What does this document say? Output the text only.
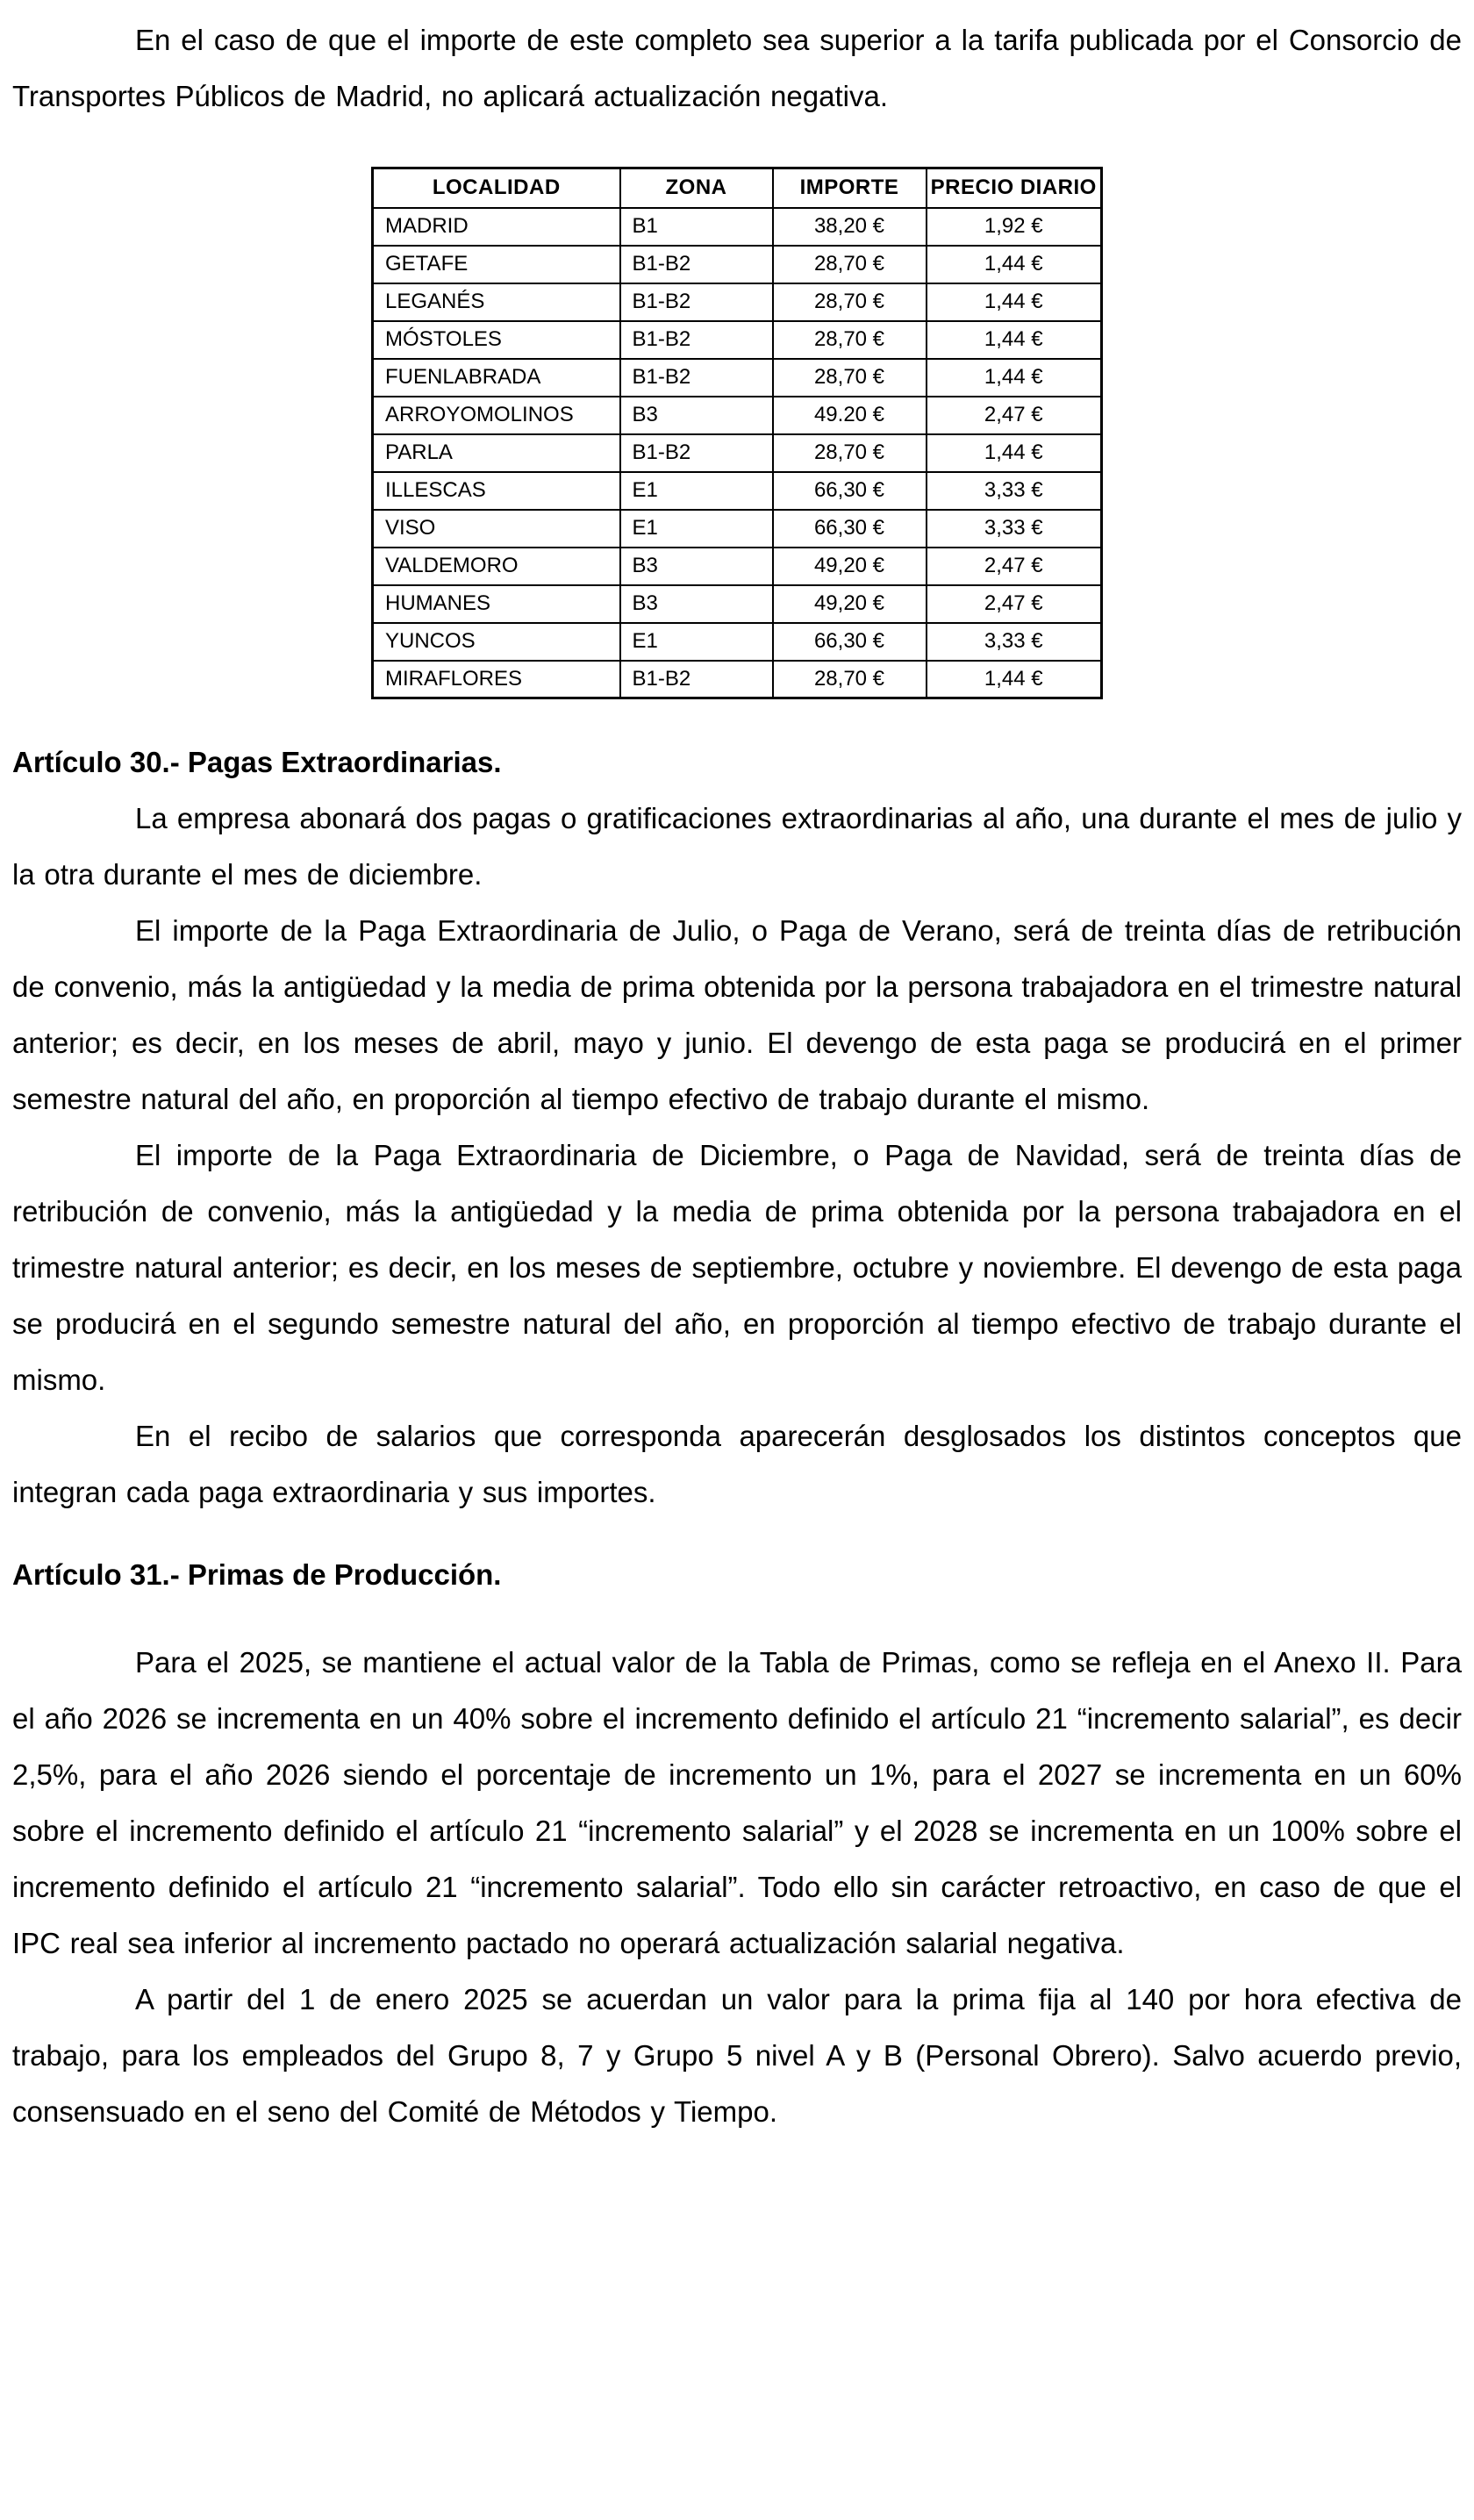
En el caso de que el importe de este completo sea superior a la tarifa publicada por el Consorcio de Transportes Públicos de Madrid, no aplicará actualización negativa.

LOCALIDAD	ZONA	IMPORTE	PRECIO DIARIO
MADRID	B1	38,20 €	1,92 €
GETAFE	B1-B2	28,70 €	1,44 €
LEGANÉS	B1-B2	28,70 €	1,44 €
MÓSTOLES	B1-B2	28,70 €	1,44 €
FUENLABRADA	B1-B2	28,70 €	1,44 €
ARROYOMOLINOS	B3	49.20 €	2,47 €
PARLA	B1-B2	28,70 €	1,44 €
ILLESCAS	E1	66,30 €	3,33 €
VISO	E1	66,30 €	3,33 €
VALDEMORO	B3	49,20 €	2,47 €
HUMANES	B3	49,20 €	2,47 €
YUNCOS	E1	66,30 €	3,33 €
MIRAFLORES	B1-B2	28,70 €	1,44 €
Artículo 30.- Pagas Extraordinarias.

La empresa abonará dos pagas o gratificaciones extraordinarias al año, una durante el mes de julio y la otra durante el mes de diciembre.

El importe de la Paga Extraordinaria de Julio, o Paga de Verano, será de treinta días de retribución de convenio, más la antigüedad y la media de prima obtenida por la persona trabajadora en el trimestre natural anterior; es decir, en los meses de abril, mayo y junio. El devengo de esta paga se producirá en el primer semestre natural del año, en proporción al tiempo efectivo de trabajo durante el mismo.

El importe de la Paga Extraordinaria de Diciembre, o Paga de Navidad, será de treinta días de retribución de convenio, más la antigüedad y la media de prima obtenida por la persona trabajadora en el trimestre natural anterior; es decir, en los meses de septiembre, octubre y noviembre. El devengo de esta paga se producirá en el segundo semestre natural del año, en proporción al tiempo efectivo de trabajo durante el mismo.

En el recibo de salarios que corresponda aparecerán desglosados los distintos conceptos que integran cada paga extraordinaria y sus importes.

Artículo 31.- Primas de Producción.

Para el 2025, se mantiene el actual valor de la Tabla de Primas, como se refleja en el Anexo II. Para el año 2026 se incrementa en un 40% sobre el incremento definido el artículo 21 “incremento salarial”, es decir 2,5%, para el año 2026 siendo el porcentaje de incremento un 1%, para el 2027 se incrementa en un 60% sobre el incremento definido el artículo 21 “incremento salarial” y el 2028 se incrementa en un 100% sobre el incremento definido el artículo 21 “incremento salarial”. Todo ello sin carácter retroactivo, en caso de que el IPC real sea inferior al incremento pactado no operará actualización salarial negativa.

A partir del 1 de enero 2025 se acuerdan un valor para la prima fija al 140 por hora efectiva de trabajo, para los empleados del Grupo 8, 7 y Grupo 5 nivel A y B (Personal Obrero). Salvo acuerdo previo, consensuado en el seno del Comité de Métodos y Tiempo.
